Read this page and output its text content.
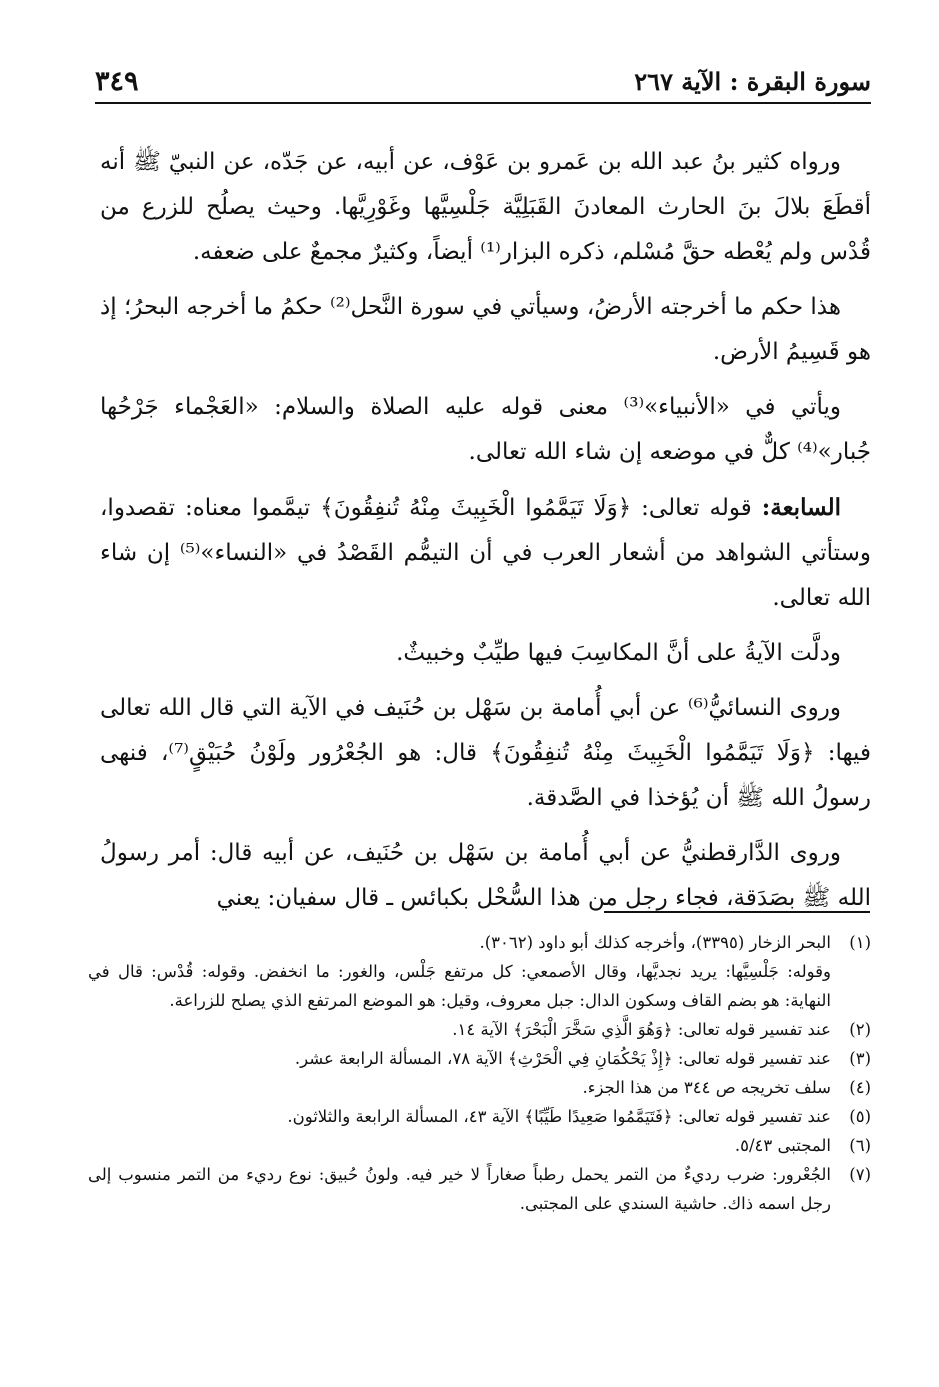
سورة البقرة : الآية ٢٦٧
٣٤٩

ورواه كثير بنُ عبد الله بن عَمرو بن عَوْف، عن أبيه، عن جَدّه، عن النبيّ ﷺ أنه أقطَعَ بلالَ بنَ الحارث المعادنَ القَبَلِيَّة جَلْسِيَّها وغَوْرِيَّها. وحيث يصلُح للزرع من قُدْس ولم يُعْطه حقَّ مُسْلم، ذكره البزار⁽¹⁾ أيضاً، وكثيرٌ مجمعٌ على ضعفه.

هذا حكم ما أخرجته الأرضُ، وسيأتي في سورة النَّحل⁽²⁾ حكمُ ما أخرجه البحرُ؛ إذ هو قَسِيمُ الأرض.

ويأتي في «الأنبياء»⁽³⁾ معنى قوله عليه الصلاة والسلام: «العَجْماء جَرْحُها جُبار»⁽⁴⁾ كلٌّ في موضعه إن شاء الله تعالى.

السابعة: قوله تعالى: ﴿وَلَا تَيَمَّمُوا الْخَبِيثَ مِنْهُ تُنفِقُونَ﴾ تيمَّموا معناه: تقصدوا، وستأتي الشواهد من أشعار العرب في أن التيمُّم القَصْدُ في «النساء»⁽⁵⁾ إن شاء الله تعالى.

ودلَّت الآيةُ على أنَّ المكاسِبَ فيها طيِّبٌ وخبيثٌ.

وروى النسائيُّ⁽⁶⁾ عن أبي أُمامة بن سَهْل بن حُنَيف في الآية التي قال الله تعالى فيها: ﴿وَلَا تَيَمَّمُوا الْخَبِيثَ مِنْهُ تُنفِقُونَ﴾ قال: هو الجُعْرُور ولَوْنُ حُبَيْقٍ⁽⁷⁾، فنهى رسولُ الله ﷺ أن يُؤخذا في الصَّدقة.

وروى الدَّارقطنيُّ عن أبي أُمامة بن سَهْل بن حُنَيف، عن أبيه قال: أمر رسولُ الله ﷺ بصَدَقة، فجاء رجل من هذا السُّحْل بكبائس ـ قال سفيان: يعني

(١)
البحر الزخار (٣٣٩٥)، وأخرجه كذلك أبو داود (٣٠٦٢).
وقوله: جَلْسِيَّها: يريد نجديَّها، وقال الأصمعي: كل مرتفع جَلْس، والغور: ما انخفض. وقوله: قُدْس: قال في النهاية: هو بضم القاف وسكون الدال: جبل معروف، وقيل: هو الموضع المرتفع الذي يصلح للزراعة.
(٢)
عند تفسير قوله تعالى: ﴿وَهُوَ الَّذِي سَخَّرَ الْبَحْرَ﴾ الآية ١٤.
(٣)
عند تفسير قوله تعالى: ﴿إِذْ يَحْكُمَانِ فِي الْحَرْثِ﴾ الآية ٧٨، المسألة الرابعة عشر.
(٤)
سلف تخريجه ص ٣٤٤ من هذا الجزء.
(٥)
عند تفسير قوله تعالى: ﴿فَتَيَمَّمُوا صَعِيدًا طَيِّبًا﴾ الآية ٤٣، المسألة الرابعة والثلاثون.
(٦)
المجتبى ٥/٤٣.
(٧)
الجُعْرور: ضرب رديءٌ من التمر يحمل رطباً صغاراً لا خير فيه. ولونُ حُبيق: نوع رديء من التمر منسوب إلى رجل اسمه ذاك. حاشية السندي على المجتبى.
